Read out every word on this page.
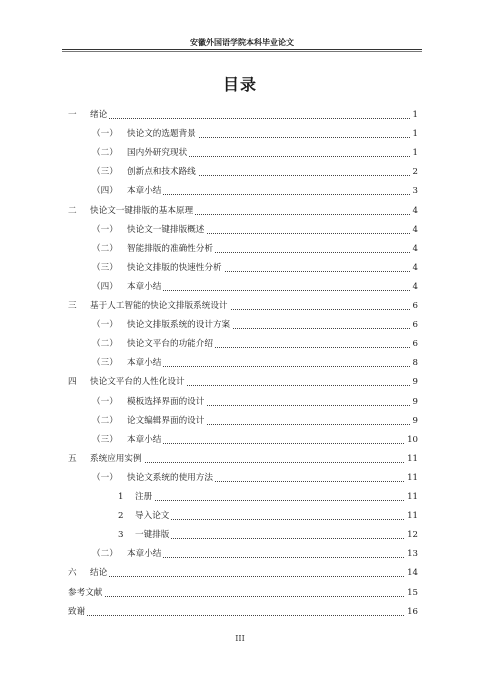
安徽外国语学院本科毕业论文
目录
一 绪论	1
（一） 快论文的选题背景	1
（二） 国内外研究现状	1
（三） 创新点和技术路线	2
（四） 本章小结	3
二 快论文一键排版的基本原理	4
（一） 快论文一键排版概述	4
（二） 智能排版的准确性分析	4
（三） 快论文排版的快速性分析	4
（四） 本章小结	4
三 基于人工智能的快论文排版系统设计	6
（一） 快论文排版系统的设计方案	6
（二） 快论文平台的功能介绍	6
（三） 本章小结	8
四 快论文平台的人性化设计	9
（一） 模板选择界面的设计	9
（二） 论文编辑界面的设计	9
（三） 本章小结	10
五 系统应用实例	11
（一） 快论文系统的使用方法	11
1 注册	11
2 导入论文	11
3 一键排版	12
（二） 本章小结	13
六 结论	14
参考文献	15
致谢	16
III
